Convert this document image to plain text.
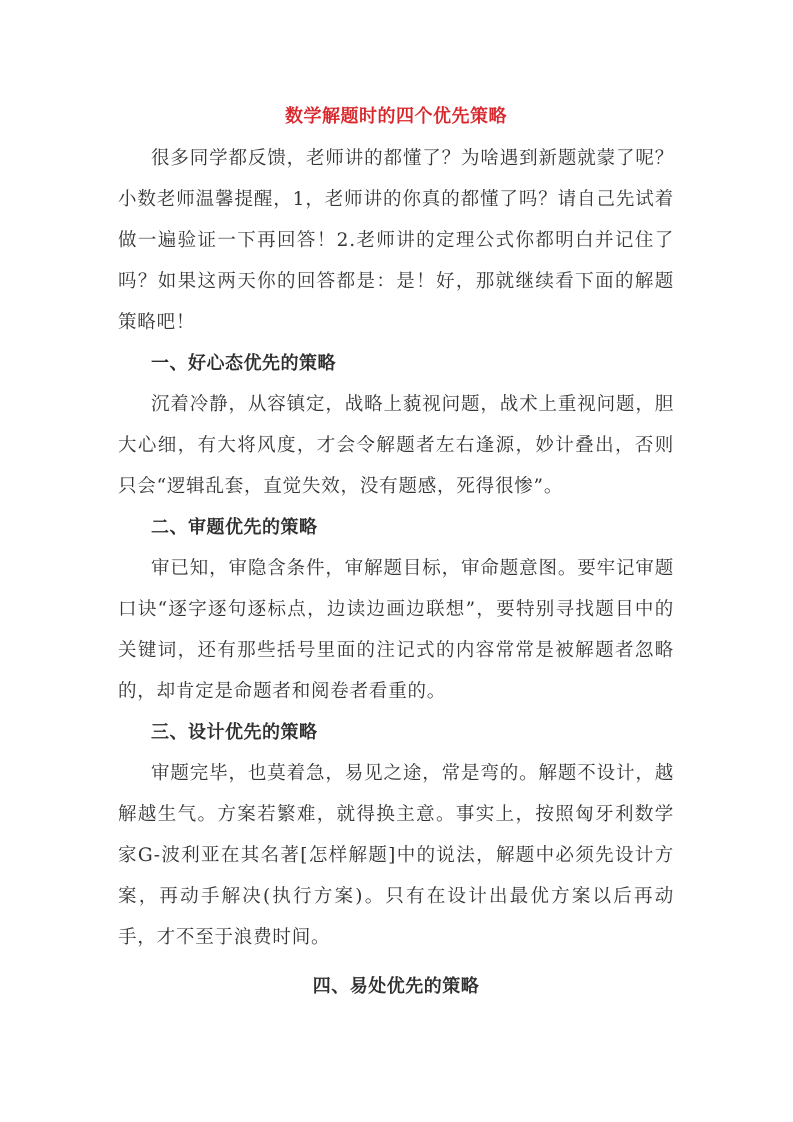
数学解题时的四个优先策略

很多同学都反馈，老师讲的都懂了？为啥遇到新题就蒙了呢？小数老师温馨提醒，1，老师讲的你真的都懂了吗？请自己先试着做一遍验证一下再回答！2.老师讲的定理公式你都明白并记住了吗？如果这两天你的回答都是：是！好，那就继续看下面的解题策略吧！

一、好心态优先的策略

沉着冷静，从容镇定，战略上藐视问题，战术上重视问题，胆大心细，有大将风度，才会令解题者左右逢源，妙计叠出，否则只会“逻辑乱套，直觉失效，没有题感，死得很惨”。

二、审题优先的策略

审已知，审隐含条件，审解题目标，审命题意图。要牢记审题口诀“逐字逐句逐标点，边读边画边联想”，要特别寻找题目中的关键词，还有那些括号里面的注记式的内容常常是被解题者忽略的，却肯定是命题者和阅卷者看重的。

三、设计优先的策略

审题完毕，也莫着急，易见之途，常是弯的。解题不设计，越解越生气。方案若繁难，就得换主意。事实上，按照匈牙利数学家G-波利亚在其名著[怎样解题]中的说法，解题中必须先设计方案，再动手解决(执行方案)。只有在设计出最优方案以后再动手，才不至于浪费时间。

四、易处优先的策略
